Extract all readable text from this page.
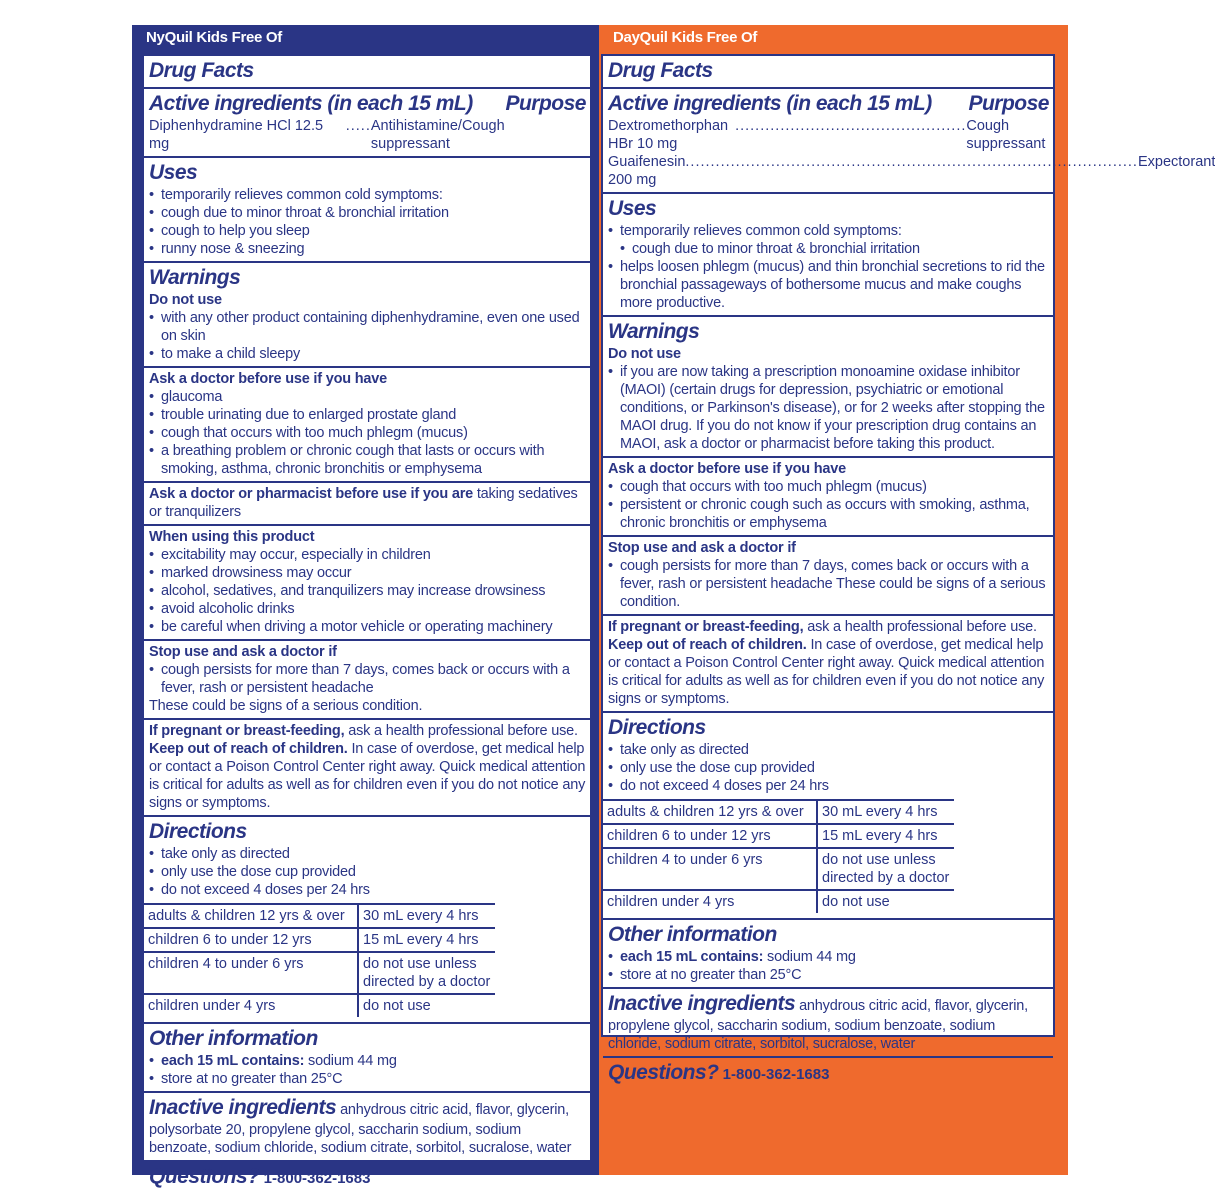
NyQuil Kids Free Of
Drug Facts
Active ingredients (in each 15 mL) Purpose
Diphenhydramine HCl 12.5 mg
..... Antihistamine/Cough suppressant
Uses
• temporarily relieves common cold symptoms:
• cough due to minor throat & bronchial irritation
• cough to help you sleep
• runny nose & sneezing
Warnings
Do not use
• with any other product containing diphenhydramine, even one used on skin
• to make a child sleepy
Ask a doctor before use if you have
• glaucoma
• trouble urinating due to enlarged prostate gland
• cough that occurs with too much phlegm (mucus)
• a breathing problem or chronic cough that lasts or occurs with smoking, asthma, chronic bronchitis or emphysema
Ask a doctor or pharmacist before use if you are taking sedatives or tranquilizers
When using this product
• excitability may occur, especially in children
• marked drowsiness may occur
• alcohol, sedatives, and tranquilizers may increase drowsiness
• avoid alcoholic drinks
• be careful when driving a motor vehicle or operating machinery
Stop use and ask a doctor if
• cough persists for more than 7 days, comes back or occurs with a fever, rash or persistent headache
These could be signs of a serious condition.
If pregnant or breast-feeding, ask a health professional before use. Keep out of reach of children. In case of overdose, get medical help or contact a Poison Control Center right away. Quick medical attention is critical for adults as well as for children even if you do not notice any signs or symptoms.
Directions
• take only as directed
• only use the dose cup provided
• do not exceed 4 doses per 24 hrs
adults & children 12 yrs & over	30 mL every 4 hrs
children 6 to under 12 yrs	15 mL every 4 hrs
children 4 to under 6 yrs	do not use unless directed by a doctor
children under 4 yrs	do not use
Other information
• each 15 mL contains: sodium 44 mg
• store at no greater than 25°C
Inactive ingredients anhydrous citric acid, flavor, glycerin, polysorbate 20, propylene glycol, saccharin sodium, sodium benzoate, sodium chloride, sodium citrate, sorbitol, sucralose, water
Questions? 1-800-362-1683
DayQuil Kids Free Of
Drug Facts
Active ingredients (in each 15 mL) Purpose
Dextromethorphan HBr 10 mg
.............................................. Cough suppressant
Guaifenesin 200 mg
.......................................................................................... Expectorant
Uses
• temporarily relieves common cold symptoms:
• cough due to minor throat & bronchial irritation
• helps loosen phlegm (mucus) and thin bronchial secretions to rid the bronchial passageways of bothersome mucus and make coughs more productive.
Warnings
Do not use
• if you are now taking a prescription monoamine oxidase inhibitor (MAOI) (certain drugs for depression, psychiatric or emotional conditions, or Parkinson's disease), or for 2 weeks after stopping the MAOI drug. If you do not know if your prescription drug contains an MAOI, ask a doctor or pharmacist before taking this product.
Ask a doctor before use if you have
• cough that occurs with too much phlegm (mucus)
• persistent or chronic cough such as occurs with smoking, asthma, chronic bronchitis or emphysema
Stop use and ask a doctor if
• cough persists for more than 7 days, comes back or occurs with a fever, rash or persistent headache These could be signs of a serious condition.
If pregnant or breast-feeding, ask a health professional before use. Keep out of reach of children. In case of overdose, get medical help or contact a Poison Control Center right away. Quick medical attention is critical for adults as well as for children even if you do not notice any signs or symptoms.
Directions
• take only as directed
• only use the dose cup provided
• do not exceed 4 doses per 24 hrs
adults & children 12 yrs & over	30 mL every 4 hrs
children 6 to under 12 yrs	15 mL every 4 hrs
children 4 to under 6 yrs	do not use unless directed by a doctor
children under 4 yrs	do not use
Other information
• each 15 mL contains: sodium 44 mg
• store at no greater than 25°C
Inactive ingredients anhydrous citric acid, flavor, glycerin, propylene glycol, saccharin sodium, sodium benzoate, sodium chloride, sodium citrate, sorbitol, sucralose, water
Questions? 1-800-362-1683
